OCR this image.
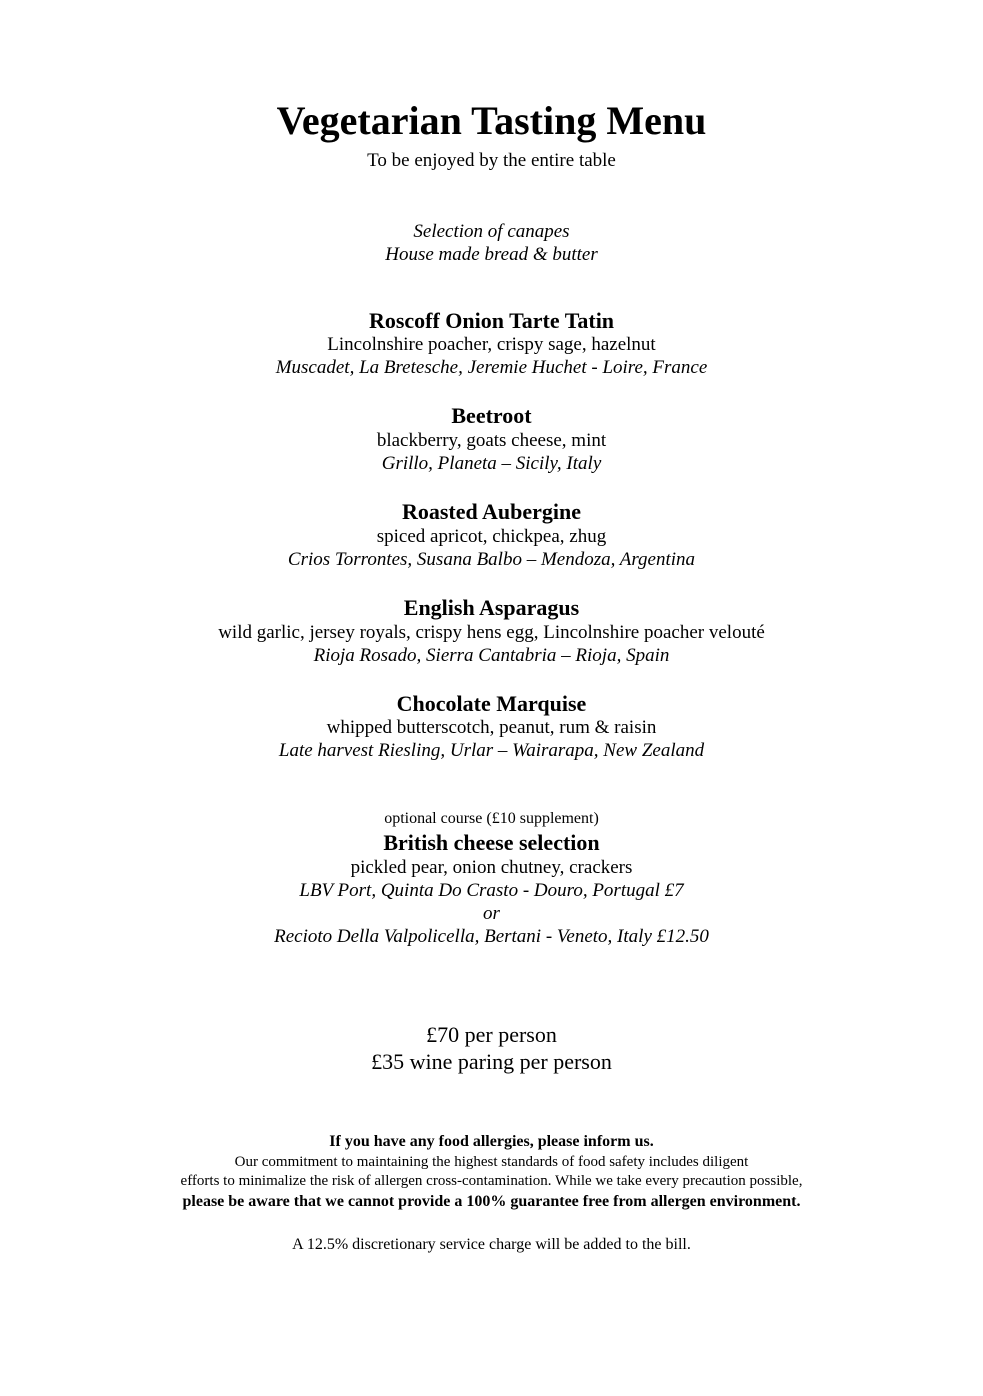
Vegetarian Tasting Menu
To be enjoyed by the entire table
Selection of canapes
House made bread & butter
Roscoff Onion Tarte Tatin
Lincolnshire poacher, crispy sage, hazelnut
Muscadet, La Bretesche, Jeremie Huchet - Loire, France
Beetroot
blackberry, goats cheese, mint
Grillo, Planeta – Sicily, Italy
Roasted Aubergine
spiced apricot, chickpea, zhug
Crios Torrontes, Susana Balbo – Mendoza, Argentina
English Asparagus
wild garlic, jersey royals, crispy hens egg, Lincolnshire poacher velouté
Rioja Rosado, Sierra Cantabria – Rioja, Spain
Chocolate Marquise
whipped butterscotch, peanut, rum & raisin
Late harvest Riesling, Urlar – Wairarapa, New Zealand
optional course (£10 supplement)
British cheese selection
pickled pear, onion chutney, crackers
LBV Port, Quinta Do Crasto - Douro, Portugal £7
or
Recioto Della Valpolicella, Bertani - Veneto, Italy £12.50
£70 per person
£35 wine paring per person
If you have any food allergies, please inform us.
Our commitment to maintaining the highest standards of food safety includes diligent
efforts to minimalize the risk of allergen cross-contamination. While we take every precaution possible,
please be aware that we cannot provide a 100% guarantee free from allergen environment.
A 12.5% discretionary service charge will be added to the bill.
